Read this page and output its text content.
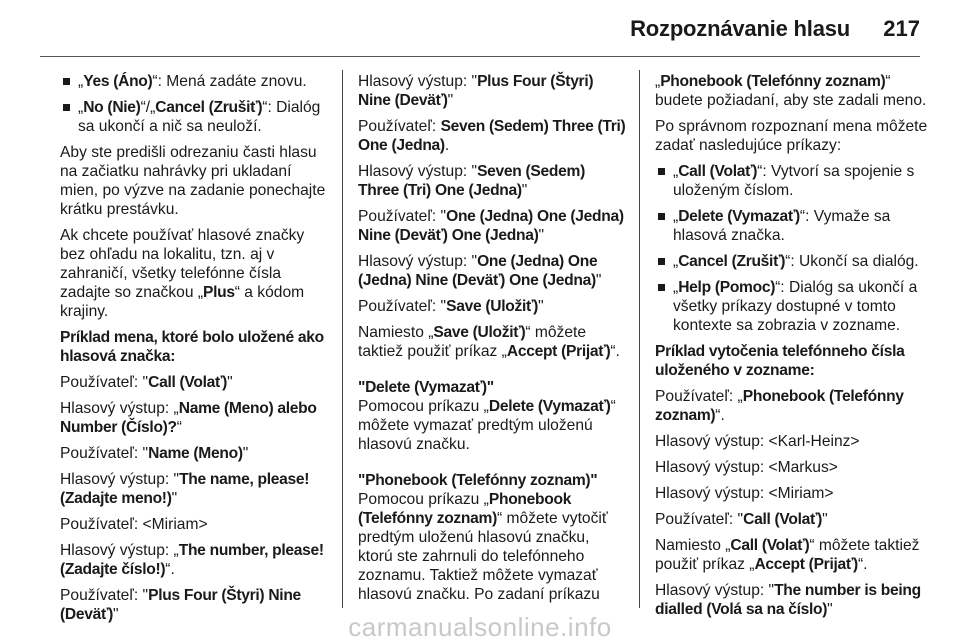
Rozpoznávanie hlasu 217
„Yes (Áno)“: Mená zadáte znovu.
„No (Nie)“/„Cancel (Zrušiť)“: Dialóg sa ukončí a nič sa neuloží.

Aby ste predišli odrezaniu časti hlasu na začiatku nahrávky pri ukladaní mien, po výzve na zadanie ponechajte krátku prestávku.

Ak chcete používať hlasové značky bez ohľadu na lokalitu, tzn. aj v zahraničí, všetky telefónne čísla zadajte so značkou „Plus“ a kódom krajiny.

Príklad mena, ktoré bolo uložené ako hlasová značka:

Používateľ: "Call (Volať)"

Hlasový výstup: „Name (Meno) alebo Number (Číslo)?“

Používateľ: "Name (Meno)"

Hlasový výstup: "The name, please! (Zadajte meno!)"

Používateľ: <Miriam>

Hlasový výstup: „The number, please! (Zadajte číslo!)“.

Používateľ: "Plus Four (Štyri) Nine (Deväť)"

Hlasový výstup: "Plus Four (Štyri) Nine (Deväť)"

Používateľ: Seven (Sedem) Three (Tri) One (Jedna).

Hlasový výstup: "Seven (Sedem) Three (Tri) One (Jedna)"

Používateľ: "One (Jedna) One (Jedna) Nine (Deväť) One (Jedna)"

Hlasový výstup: "One (Jedna) One (Jedna) Nine (Deväť) One (Jedna)"

Používateľ: "Save (Uložiť)"

Namiesto „Save (Uložiť)“ môžete taktiež použiť príkaz „Accept (Prijať)“.

"Delete (Vymazať)"

Pomocou príkazu „Delete (Vymazať)“ môžete vymazať predtým uloženú hlasovú značku.

"Phonebook (Telefónny zoznam)"

Pomocou príkazu „Phonebook (Telefónny zoznam)“ môžete vytočiť predtým uloženú hlasovú značku, ktorú ste zahrnuli do telefónneho zoznamu. Taktiež môžete vymazať hlasovú značku. Po zadaní príkazu

„Phonebook (Telefónny zoznam)“ budete požiadaní, aby ste zadali meno.

Po správnom rozpoznaní mena môžete zadať nasledujúce príkazy:

„Call (Volať)“: Vytvorí sa spojenie s uloženým číslom.
„Delete (Vymazať)“: Vymaže sa hlasová značka.
„Cancel (Zrušiť)“: Ukončí sa dialóg.
„Help (Pomoc)“: Dialóg sa ukončí a všetky príkazy dostupné v tomto kontexte sa zobrazia v zozname.

Príklad vytočenia telefónneho čísla uloženého v zozname:

Používateľ: „Phonebook (Telefónny zoznam)“.

Hlasový výstup: <Karl-Heinz>

Hlasový výstup: <Markus>

Hlasový výstup: <Miriam>

Používateľ: "Call (Volať)"

Namiesto „Call (Volať)“ môžete taktiež použiť príkaz „Accept (Prijať)“.

Hlasový výstup: "The number is being dialled (Volá sa na číslo)"

carmanualsonline.info
